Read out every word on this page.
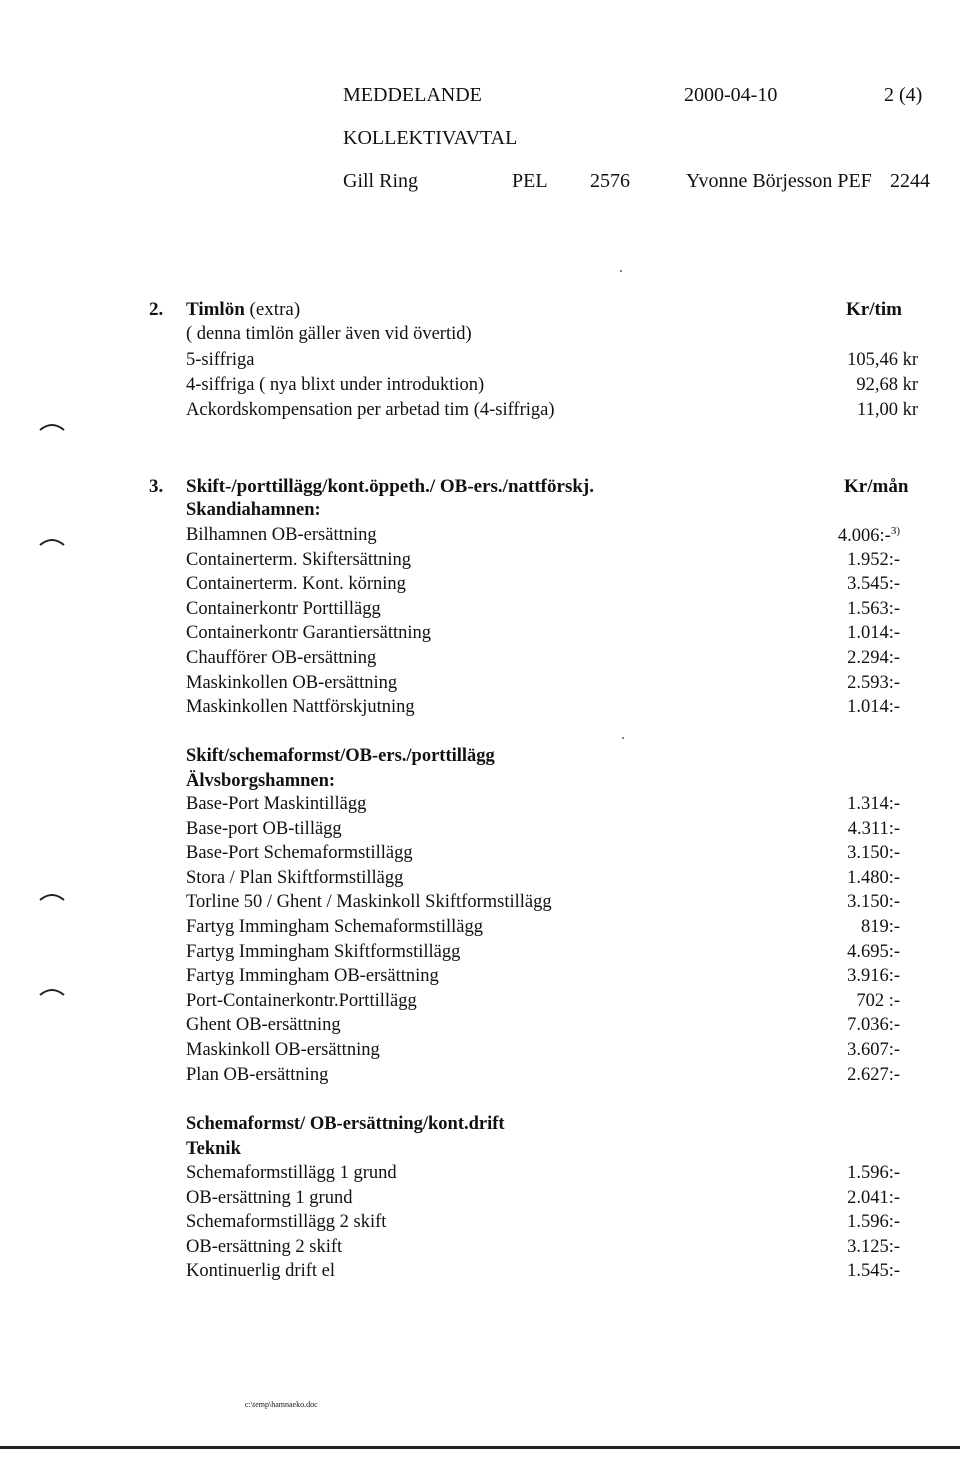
MEDDELANDE	2000-04-10	2 (4)
KOLLEKTIVAVTAL
Gill Ring	PEL 2576	Yvonne Börjesson PEF 2244
2. Timlön (extra)	Kr/tim
( denna timlön gäller även vid övertid)
5-siffriga	105,46 kr
4-siffriga ( nya blixt under introduktion)	92,68 kr
Ackordskompensation per arbetad tim (4-siffriga)	11,00 kr
3. Skift-/porttillägg/kont.öppeth./ OB-ers./nattförskj.	Kr/mån
Skandiahamnen:
Bilhamnen OB-ersättning	4.006:-$^{3)}$
Containerterm. Skiftersättning	1.952:-
Containerterm. Kont. körning	3.545:-
Containerkontr Porttillägg	1.563:-
Containerkontr Garantiersättning	1.014:-
Chaufförer OB-ersättning	2.294:-
Maskinkollen OB-ersättning	2.593:-
Maskinkollen Nattförskjutning	1.014:-
Skift/schemaformst/OB-ers./porttillägg
Älvsborgshamnen:
Base-Port Maskintillägg	1.314:-
Base-port OB-tillägg	4.311:-
Base-Port Schemaformstillägg	3.150:-
Stora / Plan Skiftformstillägg	1.480:-
Torline 50 / Ghent / Maskinkoll Skiftformstillägg	3.150:-
Fartyg Immingham Schemaformstillägg	819:-
Fartyg Immingham Skiftformstillägg	4.695:-
Fartyg Immingham OB-ersättning	3.916:-
Port-Containerkontr.Porttillägg	702 :-
Ghent OB-ersättning	7.036:-
Maskinkoll OB-ersättning	3.607:-
Plan OB-ersättning	2.627:-
Schemaformst/ OB-ersättning/kont.drift
Teknik
Schemaformstillägg 1 grund	1.596:-
OB-ersättning 1 grund	2.041:-
Schemaformstillägg 2 skift	1.596:-
OB-ersättning 2 skift	3.125:-
Kontinuerlig drift el	1.545:-
c:\temp\hamnaeko.doc
